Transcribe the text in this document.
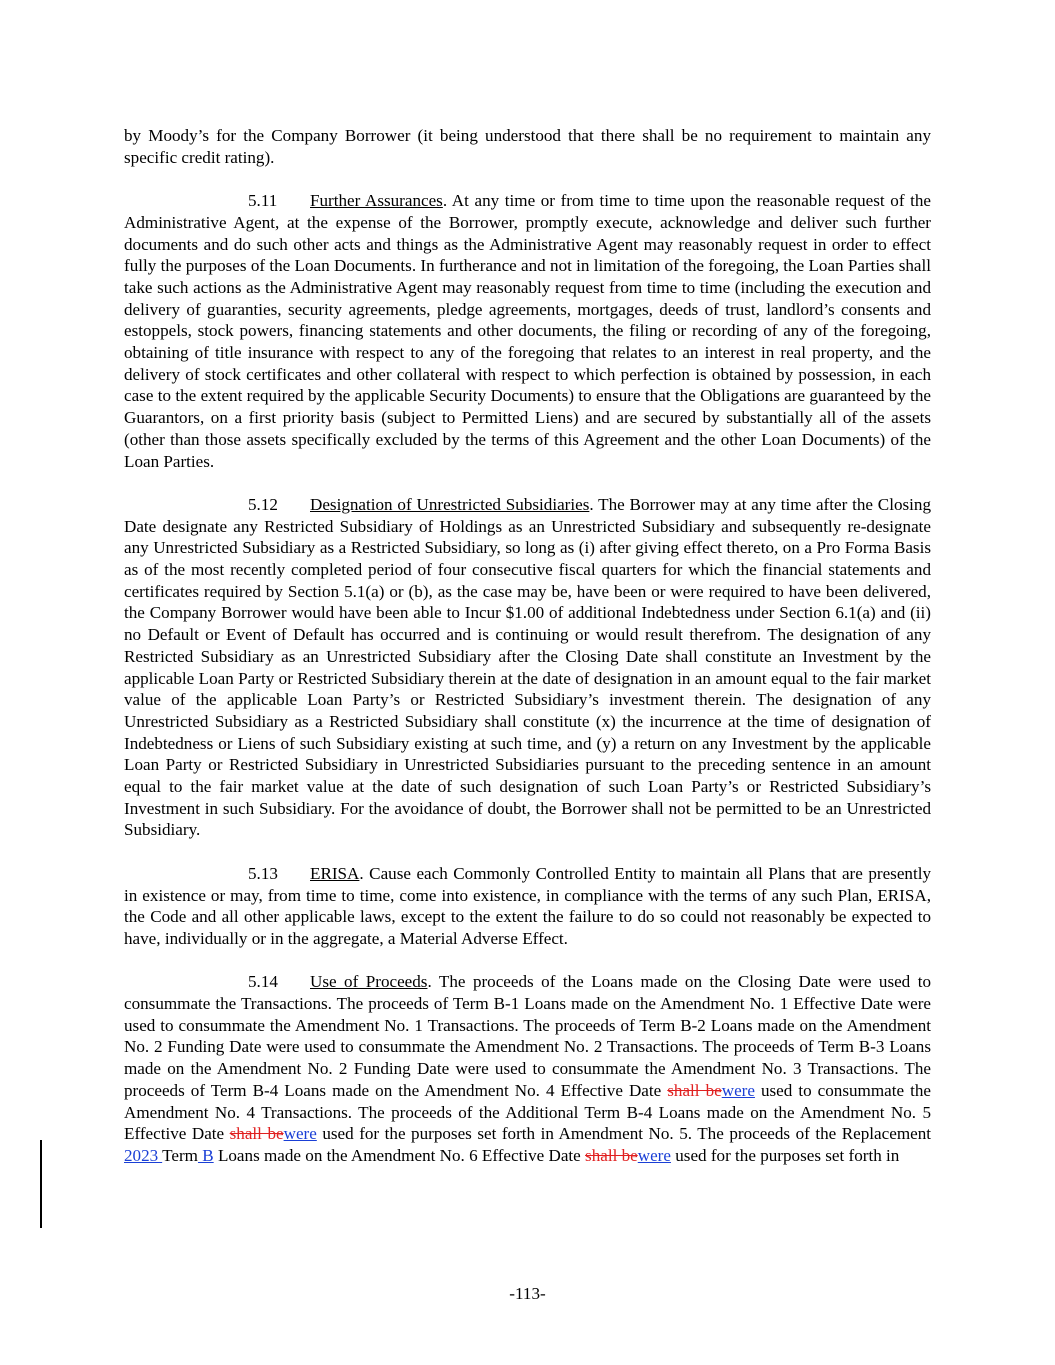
by Moody’s for the Company Borrower (it being understood that there shall be no requirement to maintain any specific credit rating).

5.11 Further Assurances. At any time or from time to time upon the reasonable request of the Administrative Agent, at the expense of the Borrower, promptly execute, acknowledge and deliver such further documents and do such other acts and things as the Administrative Agent may reasonably request in order to effect fully the purposes of the Loan Documents. In furtherance and not in limitation of the foregoing, the Loan Parties shall take such actions as the Administrative Agent may reasonably request from time to time (including the execution and delivery of guaranties, security agreements, pledge agreements, mortgages, deeds of trust, landlord’s consents and estoppels, stock powers, financing statements and other documents, the filing or recording of any of the foregoing, obtaining of title insurance with respect to any of the foregoing that relates to an interest in real property, and the delivery of stock certificates and other collateral with respect to which perfection is obtained by possession, in each case to the extent required by the applicable Security Documents) to ensure that the Obligations are guaranteed by the Guarantors, on a first priority basis (subject to Permitted Liens) and are secured by substantially all of the assets (other than those assets specifically excluded by the terms of this Agreement and the other Loan Documents) of the Loan Parties.

5.12 Designation of Unrestricted Subsidiaries. The Borrower may at any time after the Closing Date designate any Restricted Subsidiary of Holdings as an Unrestricted Subsidiary and subsequently re-designate any Unrestricted Subsidiary as a Restricted Subsidiary, so long as (i) after giving effect thereto, on a Pro Forma Basis as of the most recently completed period of four consecutive fiscal quarters for which the financial statements and certificates required by Section 5.1(a) or (b), as the case may be, have been or were required to have been delivered, the Company Borrower would have been able to Incur $1.00 of additional Indebtedness under Section 6.1(a) and (ii) no Default or Event of Default has occurred and is continuing or would result therefrom. The designation of any Restricted Subsidiary as an Unrestricted Subsidiary after the Closing Date shall constitute an Investment by the applicable Loan Party or Restricted Subsidiary therein at the date of designation in an amount equal to the fair market value of the applicable Loan Party’s or Restricted Subsidiary’s investment therein. The designation of any Unrestricted Subsidiary as a Restricted Subsidiary shall constitute (x) the incurrence at the time of designation of Indebtedness or Liens of such Subsidiary existing at such time, and (y) a return on any Investment by the applicable Loan Party or Restricted Subsidiary in Unrestricted Subsidiaries pursuant to the preceding sentence in an amount equal to the fair market value at the date of such designation of such Loan Party’s or Restricted Subsidiary’s Investment in such Subsidiary. For the avoidance of doubt, the Borrower shall not be permitted to be an Unrestricted Subsidiary.

5.13 ERISA. Cause each Commonly Controlled Entity to maintain all Plans that are presently in existence or may, from time to time, come into existence, in compliance with the terms of any such Plan, ERISA, the Code and all other applicable laws, except to the extent the failure to do so could not reasonably be expected to have, individually or in the aggregate, a Material Adverse Effect.

5.14 Use of Proceeds. The proceeds of the Loans made on the Closing Date were used to consummate the Transactions. The proceeds of Term B-1 Loans made on the Amendment No. 1 Effective Date were used to consummate the Amendment No. 1 Transactions. The proceeds of Term B-2 Loans made on the Amendment No. 2 Funding Date were used to consummate the Amendment No. 2 Transactions. The proceeds of Term B-3 Loans made on the Amendment No. 2 Funding Date were used to consummate the Amendment No. 3 Transactions. The proceeds of Term B-4 Loans made on the Amendment No. 4 Effective Date shall bewere used to consummate the Amendment No. 4 Transactions. The proceeds of the Additional Term B-4 Loans made on the Amendment No. 5 Effective Date shall bewere used for the purposes set forth in Amendment No. 5. The proceeds of the Replacement 2023 Term B Loans made on the Amendment No. 6 Effective Date shall bewere used for the purposes set forth in

-113-
